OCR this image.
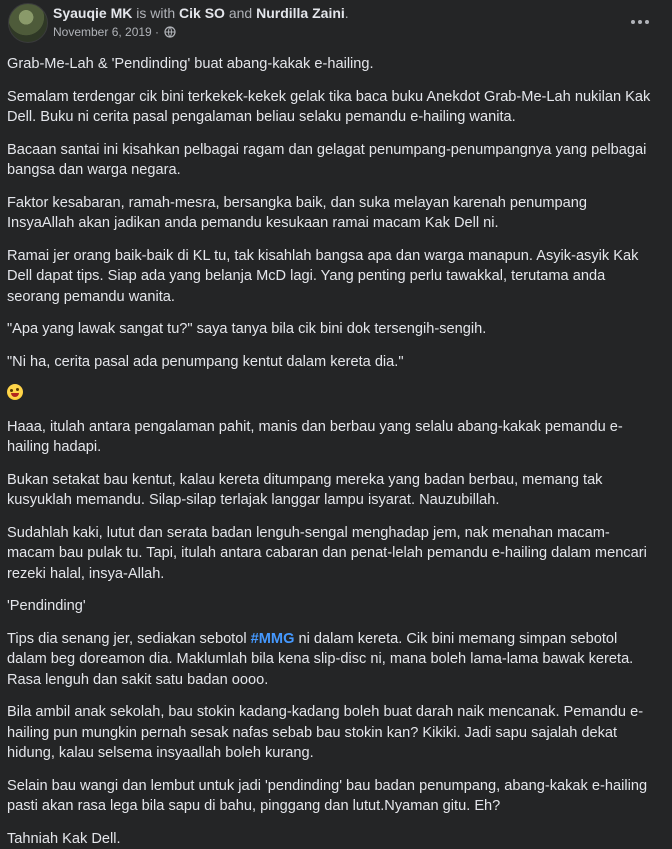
Syauqie MK is with Cik SO and Nurdilla Zaini.
November 6, 2019 ·

Grab-Me-Lah & 'Pendinding' buat abang-kakak e-hailing.

Semalam terdengar cik bini terkekek-kekek gelak tika baca buku Anekdot Grab-Me-Lah nukilan Kak Dell. Buku ni cerita pasal pengalaman beliau selaku pemandu e-hailing wanita.

Bacaan santai ini kisahkan pelbagai ragam dan gelagat penumpang-penumpangnya yang pelbagai bangsa dan warga negara.

Faktor kesabaran, ramah-mesra, bersangka baik, dan suka melayan karenah penumpang InsyaAllah akan jadikan anda pemandu kesukaan ramai macam Kak Dell ni.

Ramai jer orang baik-baik di KL tu, tak kisahlah bangsa apa dan warga manapun. Asyik-asyik Kak Dell dapat tips. Siap ada yang belanja McD lagi. Yang penting perlu tawakkal, terutama anda seorang pemandu wanita.

"Apa yang lawak sangat tu?" saya tanya bila cik bini dok tersengih-sengih.

"Ni ha, cerita pasal ada penumpang kentut dalam kereta dia."

Haaa, itulah antara pengalaman pahit, manis dan berbau yang selalu abang-kakak pemandu e-hailing hadapi.

Bukan setakat bau kentut, kalau kereta ditumpang mereka yang badan berbau, memang tak kusyuklah memandu. Silap-silap terlajak langgar lampu isyarat. Nauzubillah.

Sudahlah kaki, lutut dan serata badan lenguh-sengal menghadap jem, nak menahan macam-macam bau pulak tu. Tapi, itulah antara cabaran dan penat-lelah pemandu e-hailing dalam mencari rezeki halal, insya-Allah.

'Pendinding'

Tips dia senang jer, sediakan sebotol #MMG ni dalam kereta. Cik bini memang simpan sebotol dalam beg doreamon dia. Maklumlah bila kena slip-disc ni, mana boleh lama-lama bawak kereta. Rasa lenguh dan sakit satu badan oooo.

Bila ambil anak sekolah, bau stokin kadang-kadang boleh buat darah naik mencanak. Pemandu e-hailing pun mungkin pernah sesak nafas sebab bau stokin kan? Kikiki. Jadi sapu sajalah dekat hidung, kalau selsema insyaallah boleh kurang.

Selain bau wangi dan lembut untuk jadi 'pendinding' bau badan penumpang, abang-kakak e-hailing pasti akan rasa lega bila sapu di bahu, pinggang dan lutut.Nyaman gitu. Eh?

Tahniah Kak Dell.
